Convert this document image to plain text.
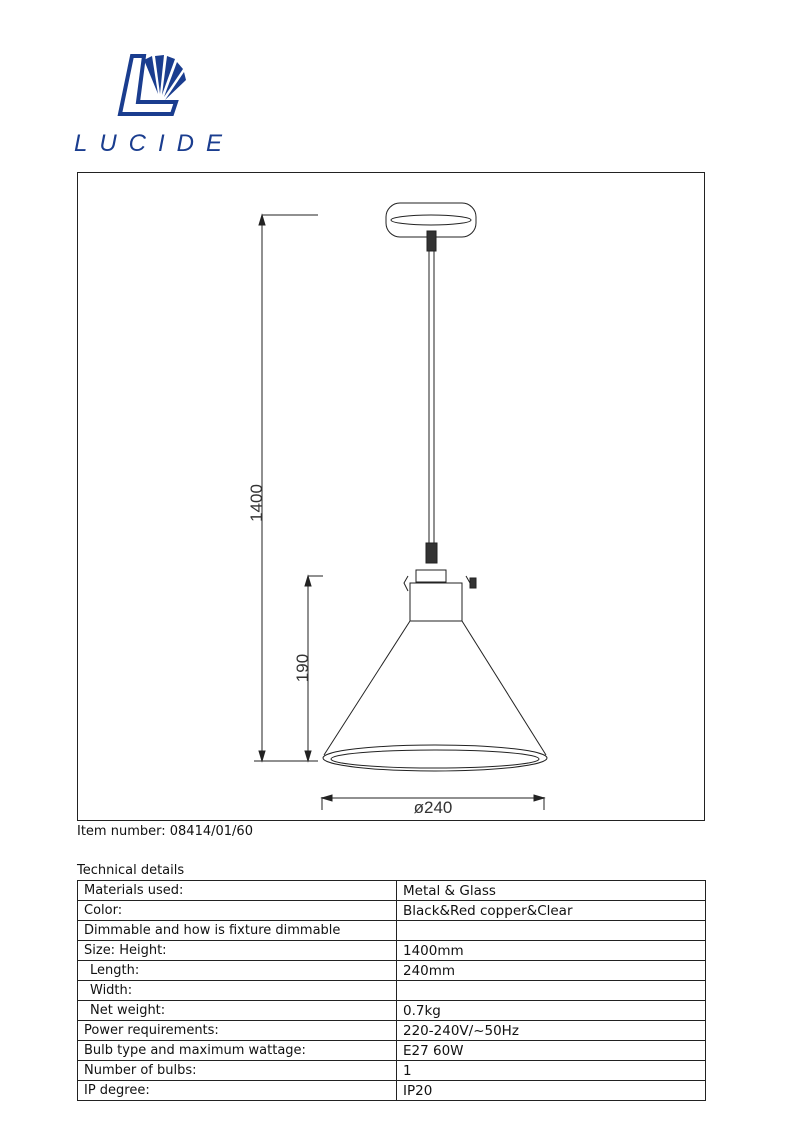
LUCIDE
1400
190
ø240
Item number: 08414/01/60
Technical details
Materials used:	Metal & Glass
Color:	Black&Red copper&Clear
Dimmable and how is fixture dimmable	
Size: Height:	1400mm
Length:	240mm
Width:	
Net weight:	0.7kg
Power requirements:	220-240V/~50Hz
Bulb type and maximum wattage:	E27 60W
Number of bulbs:	1
IP degree:	IP20
